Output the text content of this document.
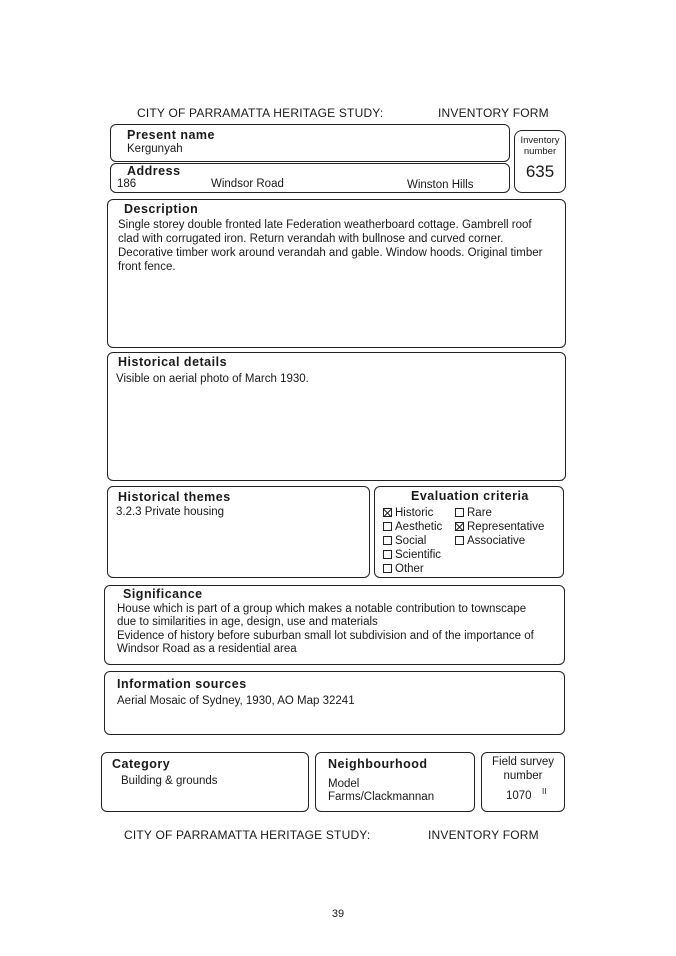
CITY OF PARRAMATTA HERITAGE STUDY:	INVENTORY FORM
Present name
Kergunyah
Inventory
number
635
Address
186	Windsor Road	Winston Hills
Description
Single storey double fronted late Federation weatherboard cottage. Gambrell roof
clad with corrugated iron. Return verandah with bullnose and curved corner.
Decorative timber work around verandah and gable. Window hoods. Original timber
front fence.
Historical details
Visible on aerial photo of March 1930.
Historical themes
3.2.3 Private housing
Evaluation criteria
Historic	Rare
Aesthetic	Representative
Social	Associative
Scientific
Other
Significance
House which is part of a group which makes a notable contribution to townscape
due to similarities in age, design, use and materials
Evidence of history before suburban small lot subdivision and of the importance of
Windsor Road as a residential area
Information sources
Aerial Mosaic of Sydney, 1930, AO Map 32241
Category
Building & grounds
Neighbourhood
Model
Farms/Clackmannan
Field survey
number
1070 II
CITY OF PARRAMATTA HERITAGE STUDY:	INVENTORY FORM
39
